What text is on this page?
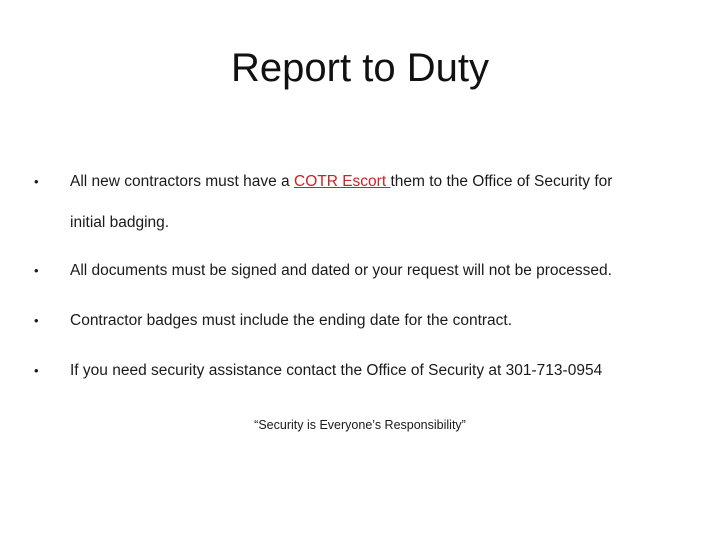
Report to Duty
•	All new contractors must have a COTR Escort them to the Office of Security for
initial badging.
•	All documents must be signed and dated or your request will not be processed.
•	Contractor badges must include the ending date for the contract.
•	If you need security assistance contact the Office of Security at 301-713-0954

“Security is Everyone’s Responsibility”
